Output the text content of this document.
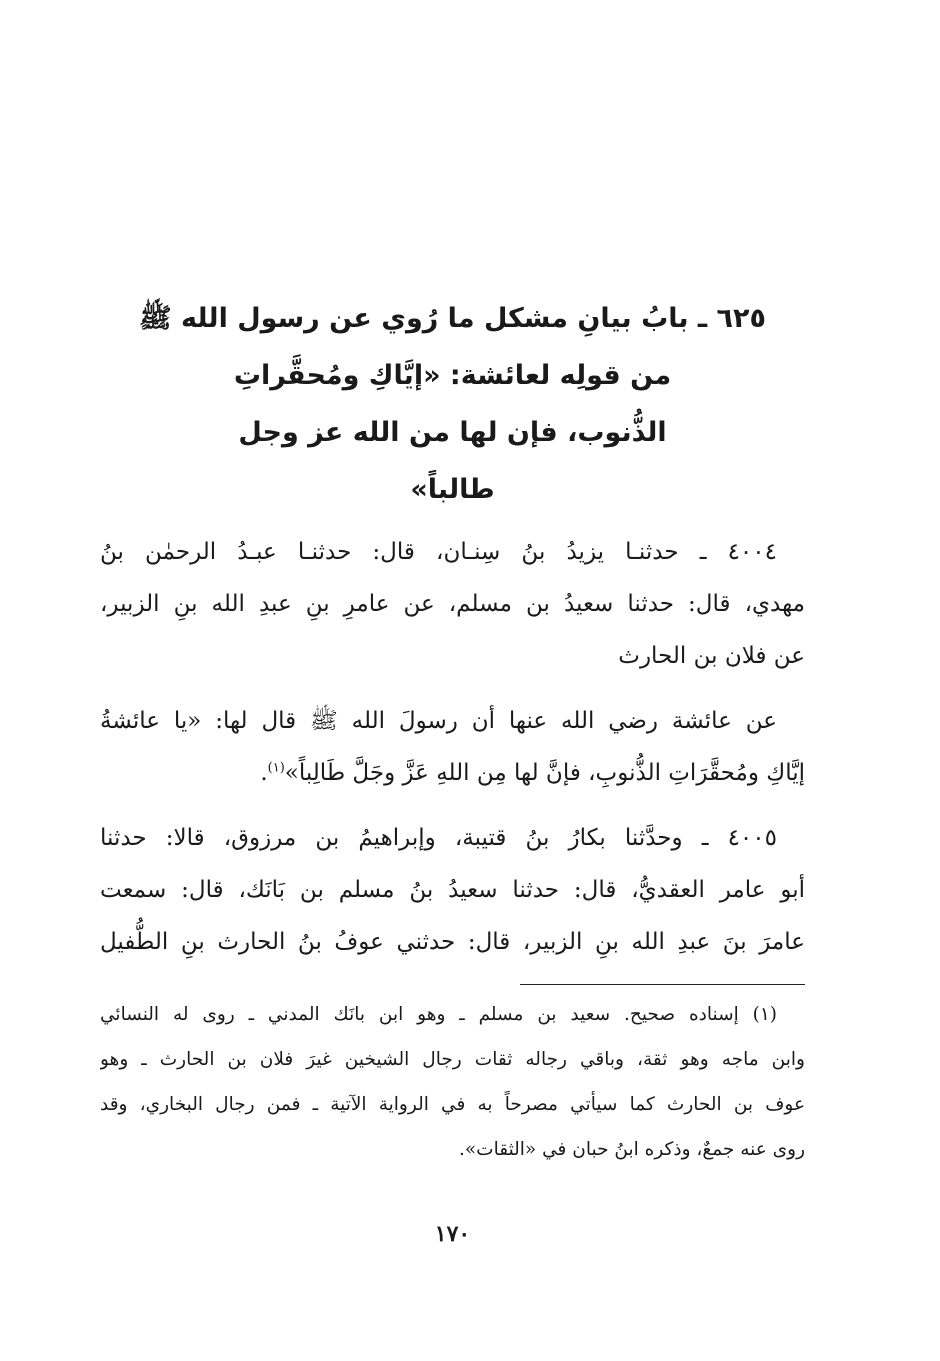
٦٢٥ ـ بابُ بيانِ مشكل ما رُوي عن رسول الله ﷺ
من قولِه لعائشة: «إيَّاكِ ومُحقَّراتِ
الذُّنوب، فإن لها من الله عز وجل
طالباً»
٤٠٠٤ ـ حدثنـا يزيدُ بنُ سِنـان، قال: حدثنـا عبـدُ الرحمٰن بنُ
مهدي، قال: حدثنا سعيدُ بن مسلم، عن عامرِ بنِ عبدِ الله بنِ الزبير،
عن فلان بن الحارث
عن عائشة رضي الله عنها أن رسولَ الله ﷺ قال لها: «يا عائشةُ
إيَّاكِ ومُحقَّرَاتِ الذُّنوبِ، فإنَّ لها مِن اللهِ عَزَّ وجَلَّ طَالِباً»$^{(١)}$.
٤٠٠٥ ـ وحدَّثنا بكارُ بنُ قتيبة، وإبراهيمُ بن مرزوق، قالا: حدثنا
أبو عامر العقديُّ، قال: حدثنا سعيدُ بنُ مسلم بن بَانَك، قال: سمعت
عامرَ بنَ عبدِ الله بنِ الزبير، قال: حدثني عوفُ بنُ الحارث بنِ الطُّفيل
(١) إسناده صحيح. سعيد بن مسلم ـ وهو ابن بانَك المدني ـ روى له النسائي
وابن ماجه وهو ثقة، وباقي رجاله ثقات رجال الشيخين غيرَ فلان بن الحارث ـ وهو
عوف بن الحارث كما سيأتي مصرحاً به في الرواية الآتية ـ فمن رجال البخاري، وقد
روى عنه جمعٌ، وذكره ابنُ حبان في «الثقات».
١٧٠
